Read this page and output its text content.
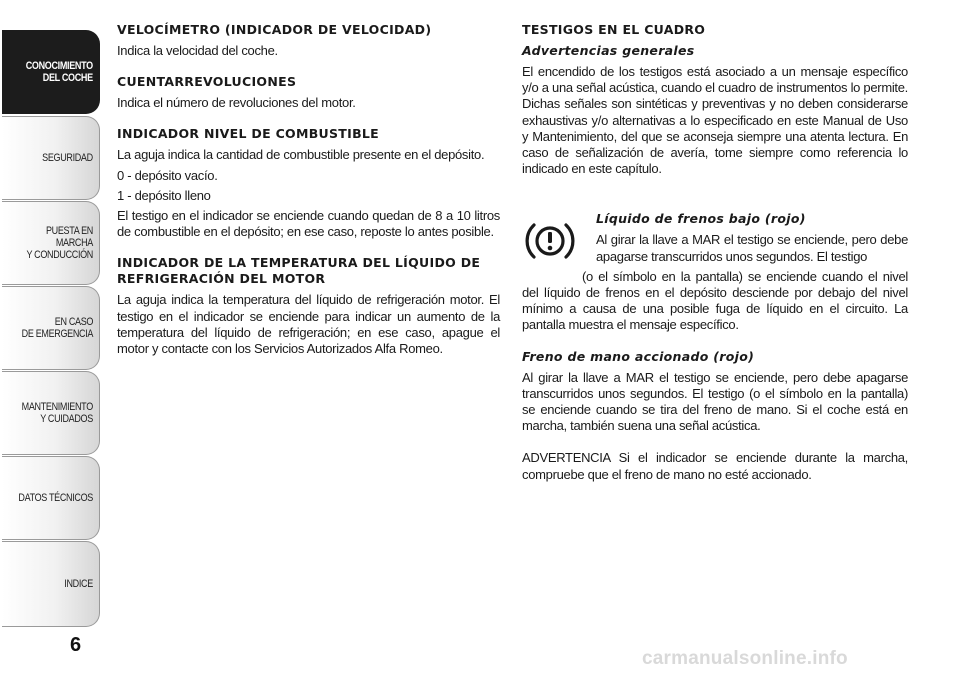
CONOCIMIENTO
DEL COCHE
SEGURIDAD
PUESTA EN MARCHA
Y CONDUCCIÓN
EN CASO
DE EMERGENCIA
MANTENIMIENTO
Y CUIDADOS
DATOS TÉCNICOS
INDICE
6
VELOCÍMETRO (INDICADOR DE VELOCIDAD)
Indica la velocidad del coche.
CUENTARREVOLUCIONES
Indica el número de revoluciones del motor.
INDICADOR NIVEL DE COMBUSTIBLE
La aguja indica la cantidad de combustible presente en el depósito.
0 - depósito vacío.
1 - depósito lleno
El testigo en el indicador se enciende cuando quedan de 8 a 10 litros de combustible en el depósito; en ese caso, reposte lo antes posible.
INDICADOR DE LA TEMPERATURA DEL LÍQUIDO DE REFRIGERACIÓN DEL MOTOR
La aguja indica la temperatura del líquido de refrigeración motor. El testigo en el indicador se enciende para indicar un aumento de la temperatura del líquido de refrigeración; en ese caso, apague el motor y contacte con los Servicios Autorizados Alfa Romeo.
TESTIGOS EN EL CUADRO
Advertencias generales
El encendido de los testigos está asociado a un mensaje específico y/o a una señal acústica, cuando el cuadro de instrumentos lo permite. Dichas señales son sintéticas y preventivas y no deben considerarse exhaustivas y/o alternativas a lo especificado en este Manual de Uso y Mantenimiento, del que se aconseja siempre una atenta lectura. En caso de señalización de avería, tome siempre como referencia lo indicado en este capítulo.
Líquido de frenos bajo (rojo)
Al girar la llave a MAR el testigo se enciende, pero debe apagarse transcurridos unos segundos. El testigo
(o el símbolo en la pantalla) se enciende cuando el nivel del líquido de frenos en el depósito desciende por debajo del nivel mínimo a causa de una posible fuga de líquido en el circuito. La pantalla muestra el mensaje específico.
Freno de mano accionado (rojo)
Al girar la llave a MAR el testigo se enciende, pero debe apagarse transcurridos unos segundos. El testigo (o el símbolo en la pantalla) se enciende cuando se tira del freno de mano. Si el coche está en marcha, también suena una señal acústica.
ADVERTENCIA Si el indicador se enciende durante la marcha, compruebe que el freno de mano no esté accionado.
carmanualsonline.info
